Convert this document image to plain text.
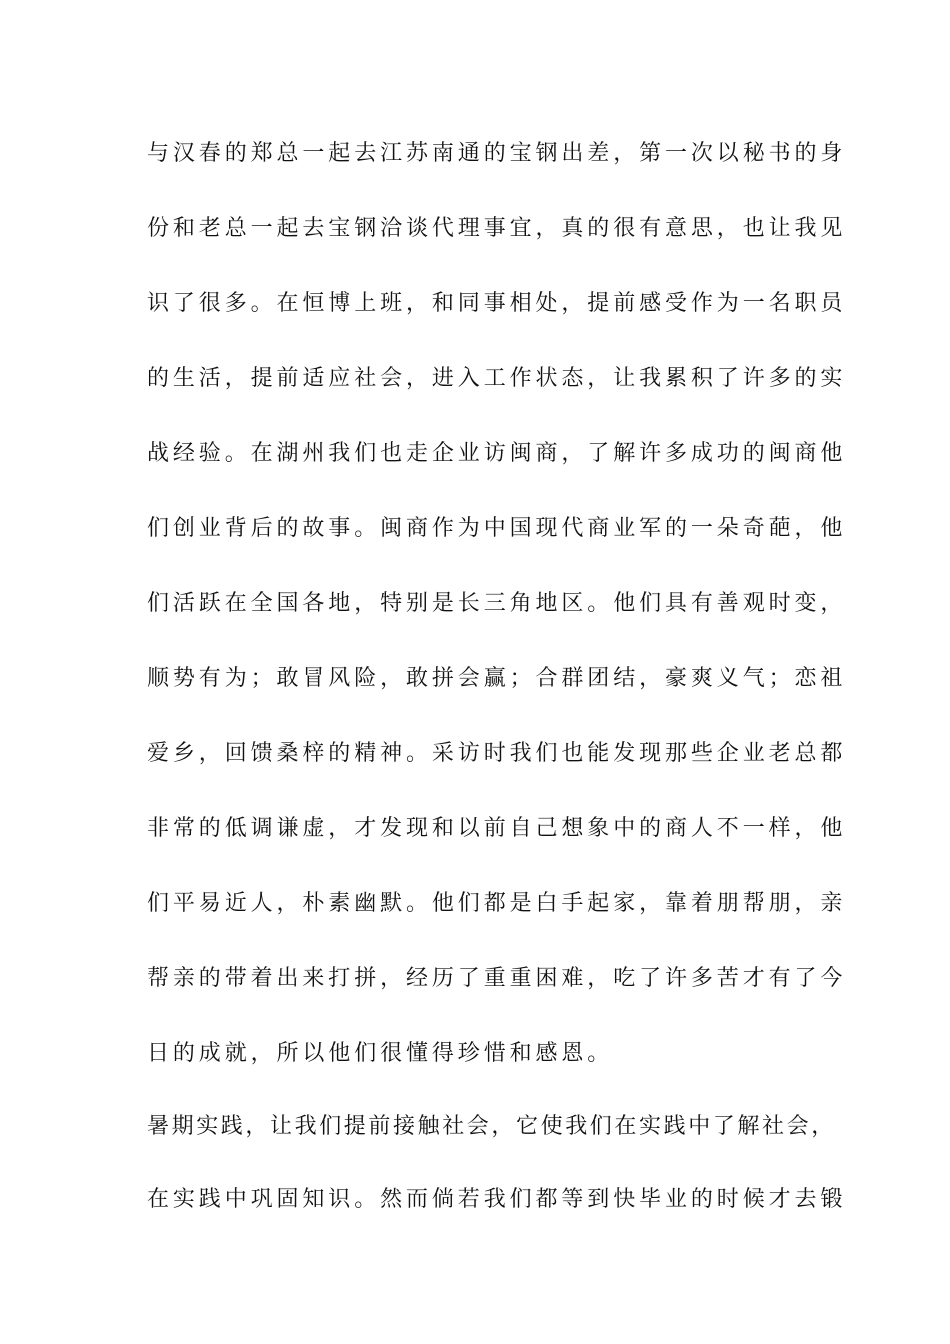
与汉春的郑总一起去江苏南通的宝钢出差，第一次以秘书的身
份和老总一起去宝钢洽谈代理事宜，真的很有意思，也让我见
识了很多。在恒博上班，和同事相处，提前感受作为一名职员
的生活，提前适应社会，进入工作状态，让我累积了许多的实
战经验。在湖州我们也走企业访闽商，了解许多成功的闽商他
们创业背后的故事。闽商作为中国现代商业军的一朵奇葩，他
们活跃在全国各地，特别是长三角地区。他们具有善观时变，
顺势有为；敢冒风险，敢拼会赢；合群团结，豪爽义气；恋祖
爱乡，回馈桑梓的精神。采访时我们也能发现那些企业老总都
非常的低调谦虚，才发现和以前自己想象中的商人不一样，他
们平易近人，朴素幽默。他们都是白手起家，靠着朋帮朋，亲
帮亲的带着出来打拼，经历了重重困难，吃了许多苦才有了今
日的成就，所以他们很懂得珍惜和感恩。
暑期实践，让我们提前接触社会，它使我们在实践中了解社会，
在实践中巩固知识。然而倘若我们都等到快毕业的时候才去锻
